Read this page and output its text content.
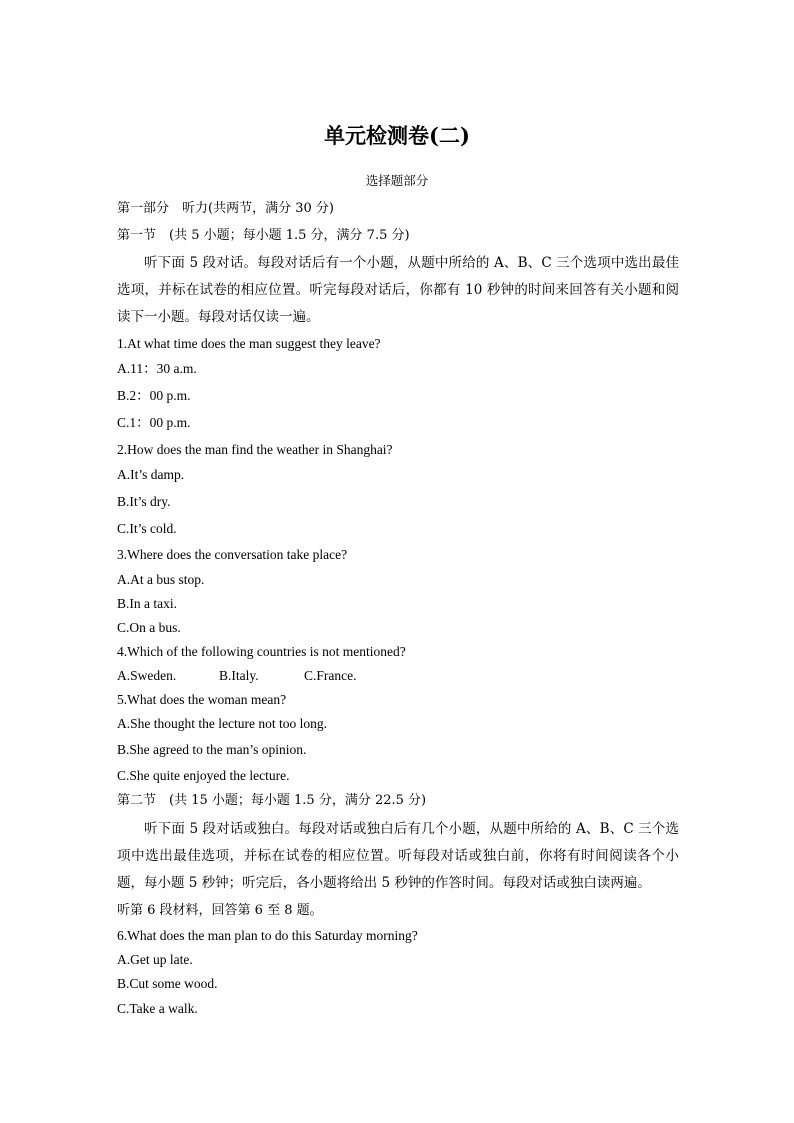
单元检测卷(二)
选择题部分
第一部分　听力(共两节，满分 30 分)
第一节　(共 5 小题；每小题 1.5 分，满分 7.5 分)
听下面 5 段对话。每段对话后有一个小题，从题中所给的 A、B、C 三个选项中选出最佳选项，并标在试卷的相应位置。听完每段对话后，你都有 10 秒钟的时间来回答有关小题和阅读下一小题。每段对话仅读一遍。
1.At what time does the man suggest they leave?
A.11：30 a.m.
B.2：00 p.m.
C.1：00 p.m.
2.How does the man find the weather in Shanghai?
A.It’s damp.
B.It’s dry.
C.It’s cold.
3.Where does the conversation take place?
A.At a bus stop.
B.In a taxi.
C.On a bus.
4.Which of the following countries is not mentioned?
A.Sweden.	B.Italy.	C.France.
5.What does the woman mean?
A.She thought the lecture not too long.
B.She agreed to the man’s opinion.
C.She quite enjoyed the lecture.
第二节　(共 15 小题；每小题 1.5 分，满分 22.5 分)
听下面 5 段对话或独白。每段对话或独白后有几个小题，从题中所给的 A、B、C 三个选项中选出最佳选项，并标在试卷的相应位置。听每段对话或独白前，你将有时间阅读各个小题，每小题 5 秒钟；听完后，各小题将给出 5 秒钟的作答时间。每段对话或独白读两遍。
听第 6 段材料，回答第 6 至 8 题。
6.What does the man plan to do this Saturday morning?
A.Get up late.
B.Cut some wood.
C.Take a walk.
